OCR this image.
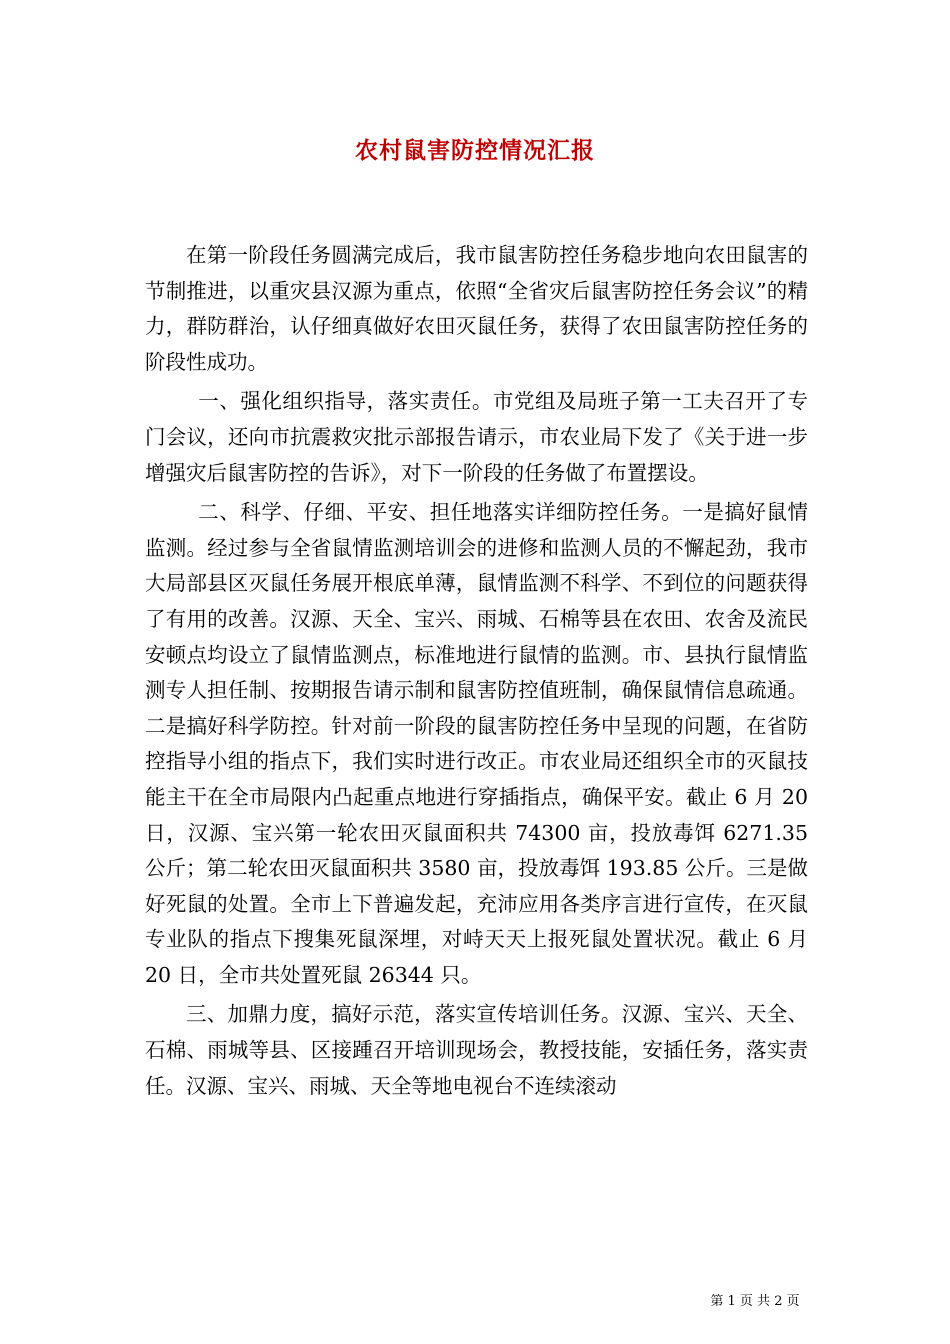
农村鼠害防控情况汇报

在第一阶段任务圆满完成后，我市鼠害防控任务稳步地向农田鼠害的节制推进，以重灾县汉源为重点，依照“全省灾后鼠害防控任务会议”的精力，群防群治，认仔细真做好农田灭鼠任务，获得了农田鼠害防控任务的阶段性成功。

一、强化组织指导，落实责任。市党组及局班子第一工夫召开了专门会议，还向市抗震救灾批示部报告请示，市农业局下发了《关于进一步增强灾后鼠害防控的告诉》，对下一阶段的任务做了布置摆设。

二、科学、仔细、平安、担任地落实详细防控任务。一是搞好鼠情监测。经过参与全省鼠情监测培训会的进修和监测人员的不懈起劲，我市大局部县区灭鼠任务展开根底单薄，鼠情监测不科学、不到位的问题获得了有用的改善。汉源、天全、宝兴、雨城、石棉等县在农田、农舍及流民安顿点均设立了鼠情监测点，标准地进行鼠情的监测。市、县执行鼠情监测专人担任制、按期报告请示制和鼠害防控值班制，确保鼠情信息疏通。二是搞好科学防控。针对前一阶段的鼠害防控任务中呈现的问题，在省防控指导小组的指点下，我们实时进行改正。市农业局还组织全市的灭鼠技能主干在全市局限内凸起重点地进行穿插指点，确保平安。截止 6 月 20 日，汉源、宝兴第一轮农田灭鼠面积共 74300 亩，投放毒饵 6271.35 公斤；第二轮农田灭鼠面积共 3580 亩，投放毒饵 193.85 公斤。三是做好死鼠的处置。全市上下普遍发起，充沛应用各类序言进行宣传，在灭鼠专业队的指点下搜集死鼠深埋，对峙天天上报死鼠处置状况。截止 6 月 20 日，全市共处置死鼠 26344 只。

三、加鼎力度，搞好示范，落实宣传培训任务。汉源、宝兴、天全、石棉、雨城等县、区接踵召开培训现场会，教授技能，安插任务，落实责任。汉源、宝兴、雨城、天全等地电视台不连续滚动

第 1 页 共 2 页
